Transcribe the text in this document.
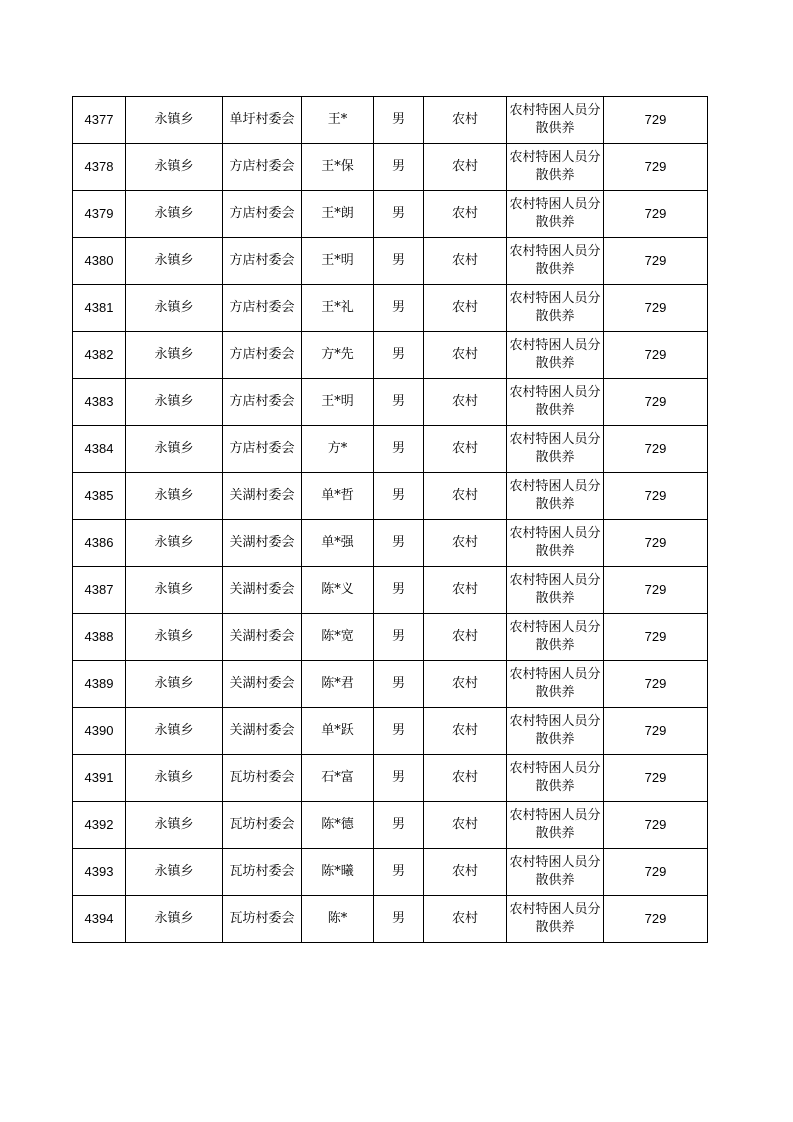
4377	永镇乡	单圩村委会	王*	男	农村	农村特困人员分散供养	729
4378	永镇乡	方店村委会	王*保	男	农村	农村特困人员分散供养	729
4379	永镇乡	方店村委会	王*朗	男	农村	农村特困人员分散供养	729
4380	永镇乡	方店村委会	王*明	男	农村	农村特困人员分散供养	729
4381	永镇乡	方店村委会	王*礼	男	农村	农村特困人员分散供养	729
4382	永镇乡	方店村委会	方*先	男	农村	农村特困人员分散供养	729
4383	永镇乡	方店村委会	王*明	男	农村	农村特困人员分散供养	729
4384	永镇乡	方店村委会	方*	男	农村	农村特困人员分散供养	729
4385	永镇乡	关湖村委会	单*哲	男	农村	农村特困人员分散供养	729
4386	永镇乡	关湖村委会	单*强	男	农村	农村特困人员分散供养	729
4387	永镇乡	关湖村委会	陈*义	男	农村	农村特困人员分散供养	729
4388	永镇乡	关湖村委会	陈*宽	男	农村	农村特困人员分散供养	729
4389	永镇乡	关湖村委会	陈*君	男	农村	农村特困人员分散供养	729
4390	永镇乡	关湖村委会	单*跃	男	农村	农村特困人员分散供养	729
4391	永镇乡	瓦坊村委会	石*富	男	农村	农村特困人员分散供养	729
4392	永镇乡	瓦坊村委会	陈*德	男	农村	农村特困人员分散供养	729
4393	永镇乡	瓦坊村委会	陈*曦	男	农村	农村特困人员分散供养	729
4394	永镇乡	瓦坊村委会	陈*	男	农村	农村特困人员分散供养	729
